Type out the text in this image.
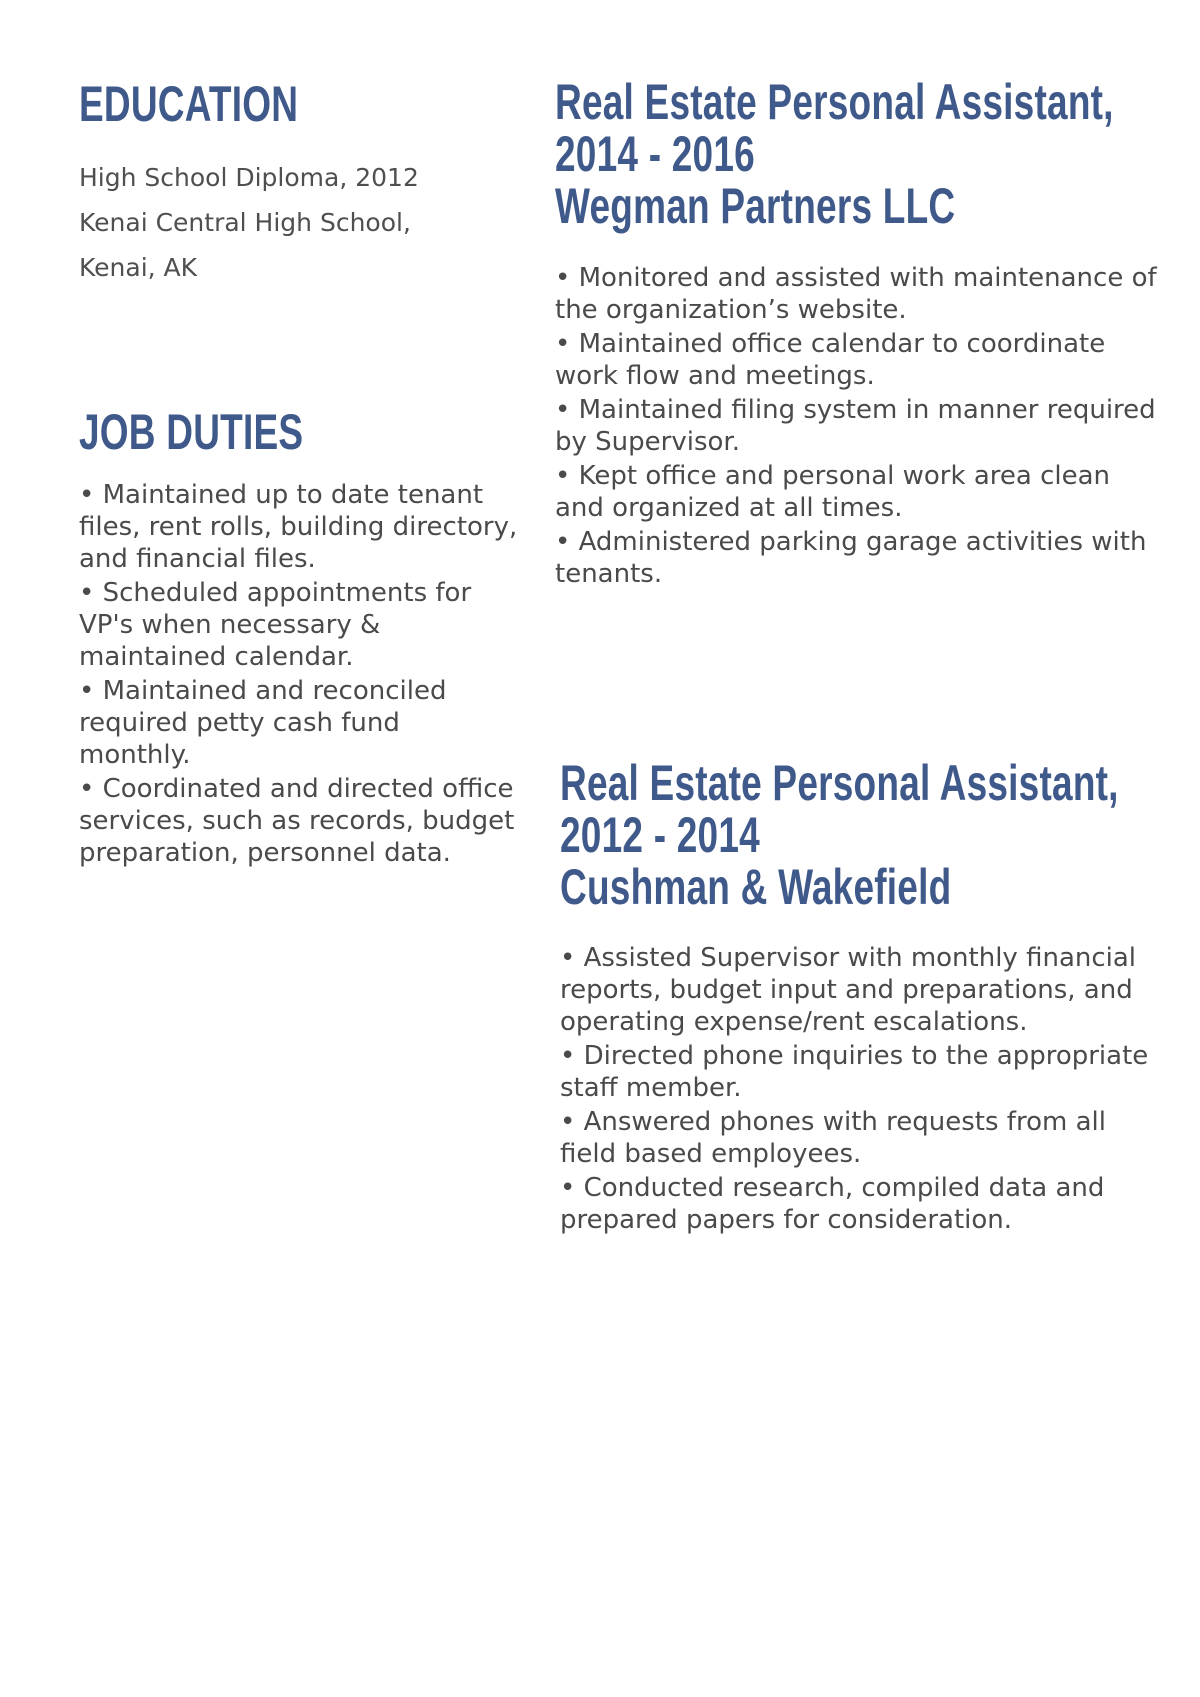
EDUCATION
High School Diploma, 2012
Kenai Central High School,
Kenai, AK
JOB DUTIES
• Maintained up to date tenant files, rent rolls, building directory, and financial files.
• Scheduled appointments for VP's when necessary & maintained calendar.
• Maintained and reconciled required petty cash fund monthly.
• Coordinated and directed office services, such as records, budget preparation, personnel data.
Real Estate Personal Assistant,
2014 - 2016
Wegman Partners LLC
• Monitored and assisted with maintenance of the organization’s website.
• Maintained office calendar to coordinate work flow and meetings.
• Maintained filing system in manner required by Supervisor.
• Kept office and personal work area clean and organized at all times.
• Administered parking garage activities with tenants.
Real Estate Personal Assistant,
2012 - 2014
Cushman & Wakefield
• Assisted Supervisor with monthly financial reports, budget input and preparations, and operating expense/rent escalations.
• Directed phone inquiries to the appropriate staff member.
• Answered phones with requests from all field based employees.
• Conducted research, compiled data and prepared papers for consideration.
